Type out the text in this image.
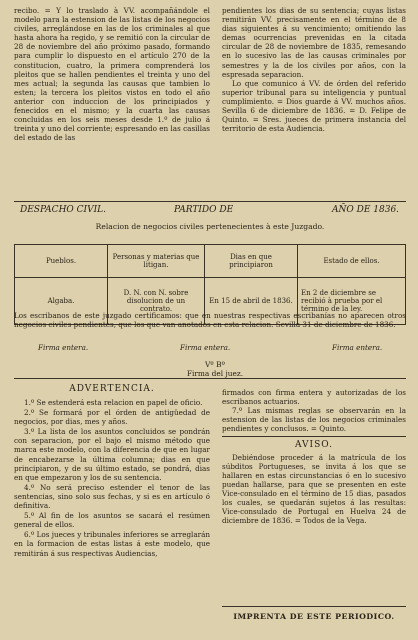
recibo. = Y lo traslado à VV. acompañándole el modelo para la estension de las listas de los negocios civiles, arreglándose en las de los criminales al que hasta ahora ha regido, y se remitió con la circular de 28 de noviembre del año próximo pasado, formando para cumplir lo dispuesto en el artículo 270 de la constitucion, cuatro, la primera comprenderá los pleitos que se hallen pendientes el treinta y uno del mes actual; la segunda las causas que tambien lo esten; la tercera los pleitos vistos en todo el año anterior con induccion de los principiados y fenecidos en el mismo; y la cuarta las causas concluidas en los seis meses desde 1.º de julio á treinta y uno del corriente; espresando en las casillas del estado de las

pendientes los dias de su sentencia; cuyas listas remitirán VV. precisamente en el término de 8 dias siguientes á su vencimiento; omitiendo las demas ocurrencias prevenidas en la citada circular de 28 de noviembre de 1835, remesando en lo sucesivo las de las causas criminales por semestres y la de los civiles por años, con la espresada separacion.

Lo que comunico á VV. de órden del referido superior tribunal para su inteligencia y puntual cumplimiento. = Dios guarde á VV. muchos años. Sevilla 6 de diciembre de 1836. = D. Felipe de Quinto. = Sres. jueces de primera instancia del territorio de esta Audiencia.

DESPACHO CIVIL.	PARTIDO DE	AÑO DE 1836.
Relacion de negocios civiles pertenecientes à este Juzgado.
Pueblos.	Personas y materias que litigan.	Dias en que principiaron	Estado de ellos.
Algaba.	D. N. con N. sobre disolucion de un contrato.	En 15 de abril de 1836.	En 2 de diciembre se recibió à prueba por el término de la ley.
Los escribanos de este juzgado certificamos: que en nuestras respectivas escribanías no aparecen otros negocios civiles pendientes, que los que van anotados en esta relacion. Sevilla 31 de diciembre de 1836.
Firma entera.	Firma entera.	Firma entera.
Vº Bº
Firma del juez.
ADVERTENCIA.

1.º Se estenderá esta relacion en papel de oficio.

2.º Se formará por el órden de antigüedad de negocios, por dias, mes y años.

3.º La lista de los asuntos concluidos se pondrán con separacion, por el bajo el mismo método que marca este modelo, con la diferencia de que en lugar de encabezarse la última columna; dias en que principiaron, y de su último estado, se pondrá, dias en que empezaron y los de su sentencia.

4.º No será preciso estender el tenor de las sentencias, sino solo sus fechas, y si es en artículo ó definitiva.

5.º Al fin de los asuntos se sacará el resúmen general de ellos.

6.º Los jueces y tribunales inferiores se arreglarán en la formacion de estas listas á este modelo, que remitirán á sus respectivas Audiencias,

firmados con firma entera y autorizadas de los escribanos actuarios.

7.º Las mismas reglas se observarán en la estension de las listas de los negocios criminales pendientes y conclusos. = Quinto.

AVISO.

Debiéndose proceder á la matrícula de los súbditos Portugueses, se invita á los que se hallaren en estas circunstancias ó en lo sucesivo puedan hallarse, para que se presenten en este Vice-consulado en el término de 15 dias, pasados los cuales, se quedarán sujetos á las resultas: Vice-consulado de Portugal en Huelva 24 de diciembre de 1836. = Todos de la Vega.

IMPRENTA DE ESTE PERIODICO.
